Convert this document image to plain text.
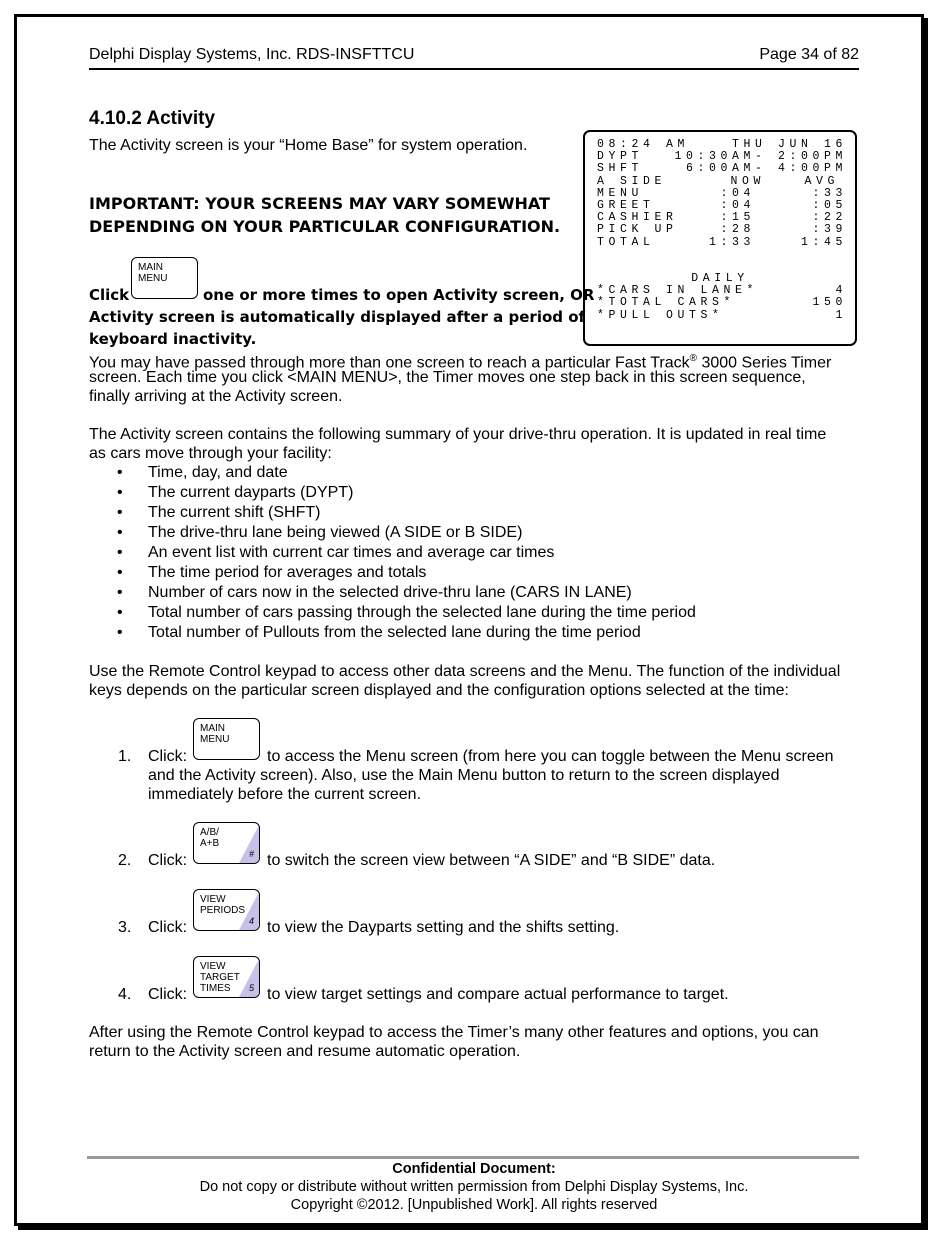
Delphi Display Systems, Inc. RDS-INSFTTCU	Page 34 of 82
4.10.2 Activity
The Activity screen is your “Home Base” for system operation.
IMPORTANT: YOUR SCREENS MAY VARY SOMEWHAT DEPENDING ON YOUR PARTICULAR CONFIGURATION.
MAIN
MENU
Click	one or more times to open Activity screen, OR
Activity screen is automatically displayed after a period of
keyboard inactivity.
08:24 AM	THU JUN 16
DYPT	10:30AM- 2:00PM
SHFT	6:00AM- 4:00PM
A SIDE	NOW	AVG
MENU	:04	:33
GREET	:04	:05
CASHIER	:15	:22
PICK UP	:28	:39
TOTAL	1:33	1:45
DAILY
*CARS IN LANE*	4
*TOTAL CARS*	150
*PULL OUTS*	1
You may have passed through more than one screen to reach a particular Fast Track® 3000 Series Timer
screen. Each time you click <MAIN MENU>, the Timer moves one step back in this screen sequence,
finally arriving at the Activity screen.
The Activity screen contains the following summary of your drive-thru operation. It is updated in real time
as cars move through your facility:
• Time, day, and date
• The current dayparts (DYPT)
• The current shift (SHFT)
• The drive-thru lane being viewed (A SIDE or B SIDE)
• An event list with current car times and average car times
• The time period for averages and totals
• Number of cars now in the selected drive-thru lane (CARS IN LANE)
• Total number of cars passing through the selected lane during the time period
• Total number of Pullouts from the selected lane during the time period
Use the Remote Control keypad to access other data screens and the Menu. The function of the individual
keys depends on the particular screen displayed and the configuration options selected at the time:
MAIN
MENU
1. Click:	to access the Menu screen (from here you can toggle between the Menu screen
and the Activity screen). Also, use the Main Menu button to return to the screen displayed
immediately before the current screen.
A/B/
A+B
#
2. Click:	to switch the screen view between “A SIDE” and “B SIDE” data.
VIEW
PERIODS
4
3. Click:	to view the Dayparts setting and the shifts setting.
VIEW
TARGET
TIMES	5
4. Click:	to view target settings and compare actual performance to target.
After using the Remote Control keypad to access the Timer’s many other features and options, you can
return to the Activity screen and resume automatic operation.
Confidential Document:
Do not copy or distribute without written permission from Delphi Display Systems, Inc.
Copyright ©2012. [Unpublished Work]. All rights reserved
